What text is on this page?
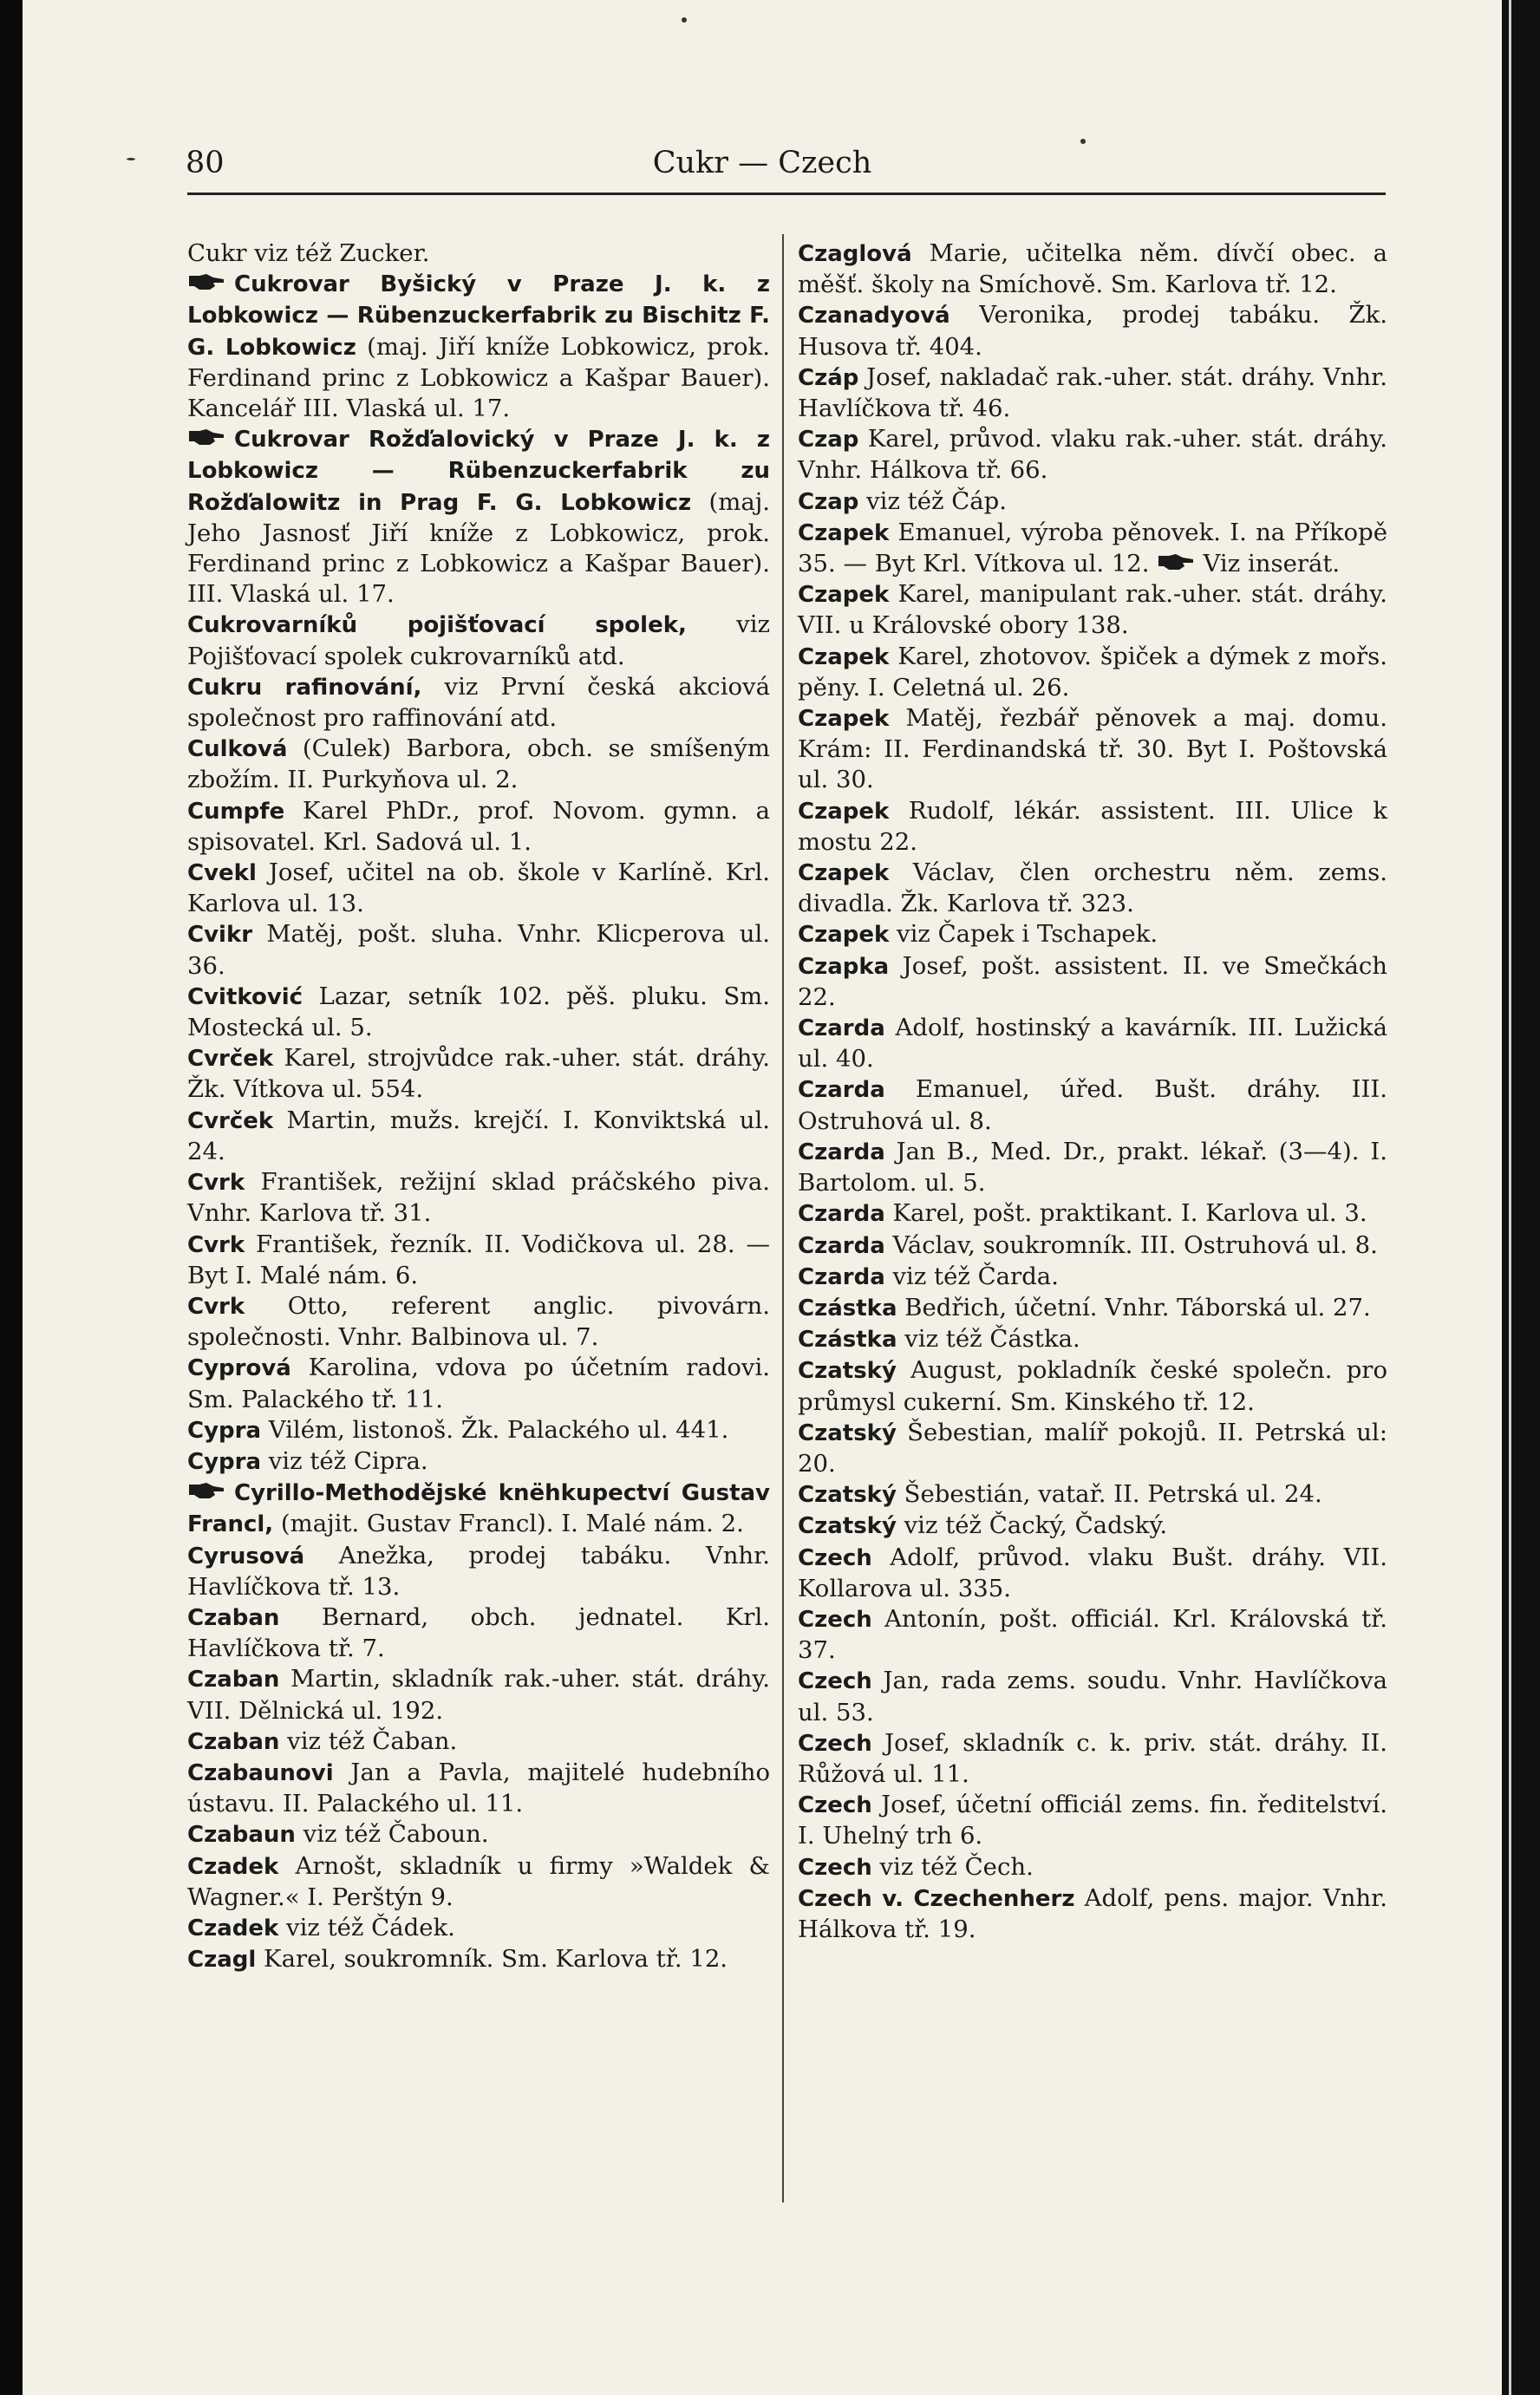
80	Cukr — Czech

Cukr viz též Zucker.

Cukrovar Byšický v Praze J. k. z Lobkowicz — Rübenzuckerfabrik zu Bischitz F. G. Lobkowicz (maj. Jiří kníže Lobkowicz, prok. Ferdinand princ z Lobkowicz a Kašpar Bauer). Kancelář III. Vlaská ul. 17.

Cukrovar Rožďalovický v Praze J. k. z Lobkowicz — Rübenzuckerfabrik zu Rožďalowitz in Prag F. G. Lobkowicz (maj. Jeho Jasnosť Jiří kníže z Lobkowicz, prok. Ferdinand princ z Lobkowicz a Kašpar Bauer). III. Vlaská ul. 17.

Cukrovarníků pojišťovací spolek, viz Pojišťovací spolek cukrovarníků atd.

Cukru rafinování, viz První česká akciová společnost pro raffinování atd.

Culková (Culek) Barbora, obch. se smíšeným zbožím. II. Purkyňova ul. 2.

Cumpfe Karel PhDr., prof. Novom. gymn. a spisovatel. Krl. Sadová ul. 1.

Cvekl Josef, učitel na ob. škole v Karlíně. Krl. Karlova ul. 13.

Cvikr Matěj, pošt. sluha. Vnhr. Klicperova ul. 36.

Cvitković Lazar, setník 102. pěš. pluku. Sm. Mostecká ul. 5.

Cvrček Karel, strojvůdce rak.-uher. stát. dráhy. Žk. Vítkova ul. 554.

Cvrček Martin, mužs. krejčí. I. Konviktská ul. 24.

Cvrk František, režijní sklad práčského piva. Vnhr. Karlova tř. 31.

Cvrk František, řezník. II. Vodičkova ul. 28. — Byt I. Malé nám. 6.

Cvrk Otto, referent anglic. pivovárn. společnosti. Vnhr. Balbinova ul. 7.

Cyprová Karolina, vdova po účetním radovi. Sm. Palackého tř. 11.

Cypra Vilém, listonoš. Žk. Palackého ul. 441.

Cypra viz též Cipra.

Cyrillo-Methodějské knëhkupectví Gustav Francl, (majit. Gustav Francl). I. Malé nám. 2.

Cyrusová Anežka, prodej tabáku. Vnhr. Havlíčkova tř. 13.

Czaban Bernard, obch. jednatel. Krl. Havlíčkova tř. 7.

Czaban Martin, skladník rak.-uher. stát. dráhy. VII. Dělnická ul. 192.

Czaban viz též Čaban.

Czabaunovi Jan a Pavla, majitelé hudebního ústavu. II. Palackého ul. 11.

Czabaun viz též Čaboun.

Czadek Arnošt, skladník u firmy »Waldek & Wagner.« I. Perštýn 9.

Czadek viz též Čádek.

Czagl Karel, soukromník. Sm. Karlova tř. 12.

Czaglová Marie, učitelka něm. dívčí obec. a měšť. školy na Smíchově. Sm. Karlova tř. 12.

Czanadyová Veronika, prodej tabáku. Žk. Husova tř. 404.

Czáp Josef, nakladač rak.-uher. stát. dráhy. Vnhr. Havlíčkova tř. 46.

Czap Karel, průvod. vlaku rak.-uher. stát. dráhy. Vnhr. Hálkova tř. 66.

Czap viz též Čáp.

Czapek Emanuel, výroba pěnovek. I. na Příkopě 35. — Byt Krl. Vítkova ul. 12. Viz inserát.

Czapek Karel, manipulant rak.-uher. stát. dráhy. VII. u Královské obory 138.

Czapek Karel, zhotovov. špiček a dýmek z mořs. pěny. I. Celetná ul. 26.

Czapek Matěj, řezbář pěnovek a maj. domu. Krám: II. Ferdinandská tř. 30. Byt I. Poštovská ul. 30.

Czapek Rudolf, lékár. assistent. III. Ulice k mostu 22.

Czapek Václav, člen orchestru něm. zems. divadla. Žk. Karlova tř. 323.

Czapek viz Čapek i Tschapek.

Czapka Josef, pošt. assistent. II. ve Smečkách 22.

Czarda Adolf, hostinský a kavárník. III. Lužická ul. 40.

Czarda Emanuel, úřed. Bušt. dráhy. III. Ostruhová ul. 8.

Czarda Jan B., Med. Dr., prakt. lékař. (3—4). I. Bartolom. ul. 5.

Czarda Karel, pošt. praktikant. I. Karlova ul. 3.

Czarda Václav, soukromník. III. Ostruhová ul. 8.

Czarda viz též Čarda.

Czástka Bedřich, účetní. Vnhr. Táborská ul. 27.

Czástka viz též Částka.

Czatský August, pokladník české společn. pro průmysl cukerní. Sm. Kinského tř. 12.

Czatský Šebestian, malíř pokojů. II. Petrská ul: 20.

Czatský Šebestián, vatař. II. Petrská ul. 24.

Czatský viz též Čacký, Čadský.

Czech Adolf, průvod. vlaku Bušt. dráhy. VII. Kollarova ul. 335.

Czech Antonín, pošt. officiál. Krl. Královská tř. 37.

Czech Jan, rada zems. soudu. Vnhr. Havlíčkova ul. 53.

Czech Josef, skladník c. k. priv. stát. dráhy. II. Růžová ul. 11.

Czech Josef, účetní officiál zems. fin. ředitelství. I. Uhelný trh 6.

Czech viz též Čech.

Czech v. Czechenherz Adolf, pens. major. Vnhr. Hálkova tř. 19.
